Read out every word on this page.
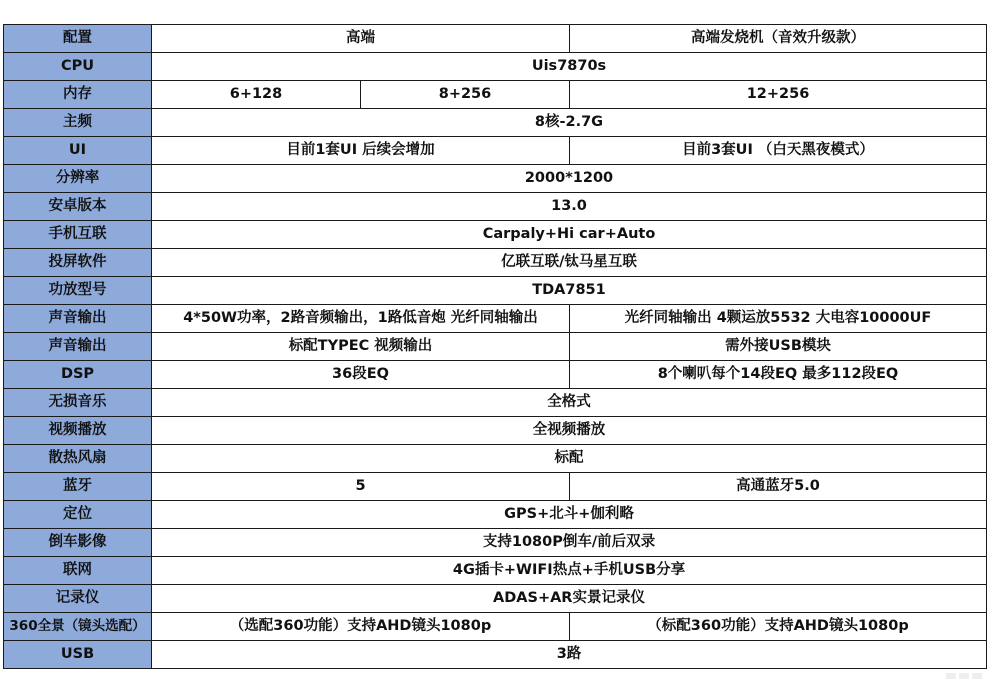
配置	高端		高端发烧机（音效升级款）
CPU	Uis7870s		
内存	6+128	8+256	12+256
主频	8核-2.7G		
UI	目前1套UI 后续会增加		目前3套UI （白天黑夜模式）
分辨率	2000*1200		
安卓版本	13.0		
手机互联	Carpaly+Hi car+Auto		
投屏软件	亿联互联/钛马星互联		
功放型号	TDA7851		
声音输出	4*50W功率，2路音频输出，1路低音炮 光纤同轴输出		光纤同轴输出 4颗运放5532 大电容10000UF
声音输出	标配TYPEC 视频输出		需外接USB模块
DSP	36段EQ		8个喇叭每个14段EQ 最多112段EQ
无损音乐	全格式		
视频播放	全视频播放		
散热风扇	标配		
蓝牙	5		高通蓝牙5.0
定位	GPS+北斗+伽利略		
倒车影像	支持1080P倒车/前后双录		
联网	4G插卡+WIFI热点+手机USB分享		
记录仪	ADAS+AR实景记录仪		
360全景（镜头选配）	（选配360功能）支持AHD镜头1080p		（标配360功能）支持AHD镜头1080p
USB	3路		
